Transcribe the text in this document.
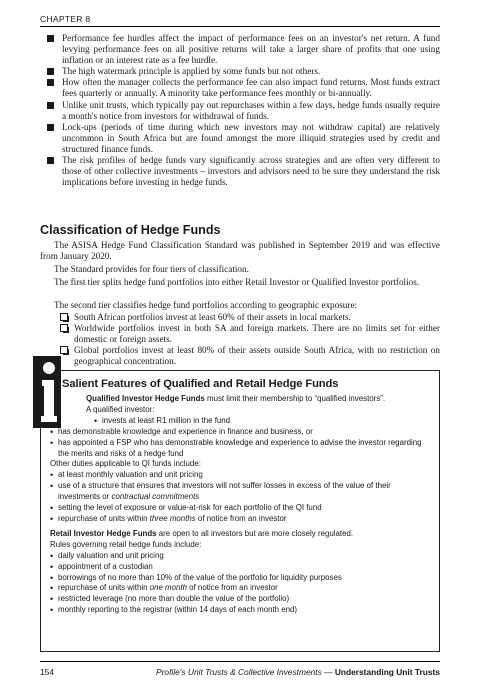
CHAPTER 8
Performance fee hurdles affect the impact of performance fees on an investor's net return. A fund levying performance fees on all positive returns will take a larger share of profits that one using inflation or an interest rate as a fee hurdle.
The high watermark principle is applied by some funds but not others.
How often the manager collects the performance fee can also impact fund returns. Most funds extract fees quarterly or annually. A minority take performance fees monthly or bi-annually.
Unlike unit trusts, which typically pay out repurchases within a few days, hedge funds usually require a month's notice from investors for withdrawal of funds.
Lock-ups (periods of time during which new investors may not withdraw capital) are relatively uncommon in South Africa but are found amongst the more illiquid strategies used by credit and structured finance funds.
The risk profiles of hedge funds vary significantly across strategies and are often very different to those of other collective investments – investors and advisors need to be sure they understand the risk implications before investing in hedge funds.
Classification of Hedge Funds

The ASISA Hedge Fund Classification Standard was published in September 2019 and was effective from January 2020.

The Standard provides for four tiers of classification.

The first tier splits hedge fund portfolios into either Retail Investor or Qualified Investor portfolios.

The second tier classifies hedge fund portfolios according to geographic exposure:

South African portfolios invest at least 60% of their assets in local markets.
Worldwide portfolios invest in both SA and foreign markets. There are no limits set for either domestic or foreign assets.
Global portfolios invest at least 80% of their assets outside South Africa, with no restriction on geographical concentration.
Salient Features of Qualified and Retail Hedge Funds
Qualified Investor Hedge Funds must limit their membership to “qualified investors”.
A qualified investor:
• invests at least R1 million in the fund
• has demonstrable knowledge and experience in finance and business, or
• has appointed a FSP who has demonstrable knowledge and experience to advise the investor regarding the merits and risks of a hedge fund
Other duties applicable to QI funds include:
• at least monthly valuation and unit pricing
• use of a structure that ensures that investors will not suffer losses in excess of the value of their investments or contractual commitments
• setting the level of exposure or value-at-risk for each portfolio of the QI fund
• repurchase of units within three months of notice from an investor
Retail Investor Hedge Funds are open to all investors but are more closely regulated.
Rules governing retail hedge funds include:
• daily valuation and unit pricing
• appointment of a custodian
• borrowings of no more than 10% of the value of the portfolio for liquidity purposes
• repurchase of units within one month of notice from an investor
• restricted leverage (no more than double the value of the portfolio)
• monthly reporting to the registrar (within 14 days of each month end)
154	Profile's Unit Trusts & Collective Investments — Understanding Unit Trusts
